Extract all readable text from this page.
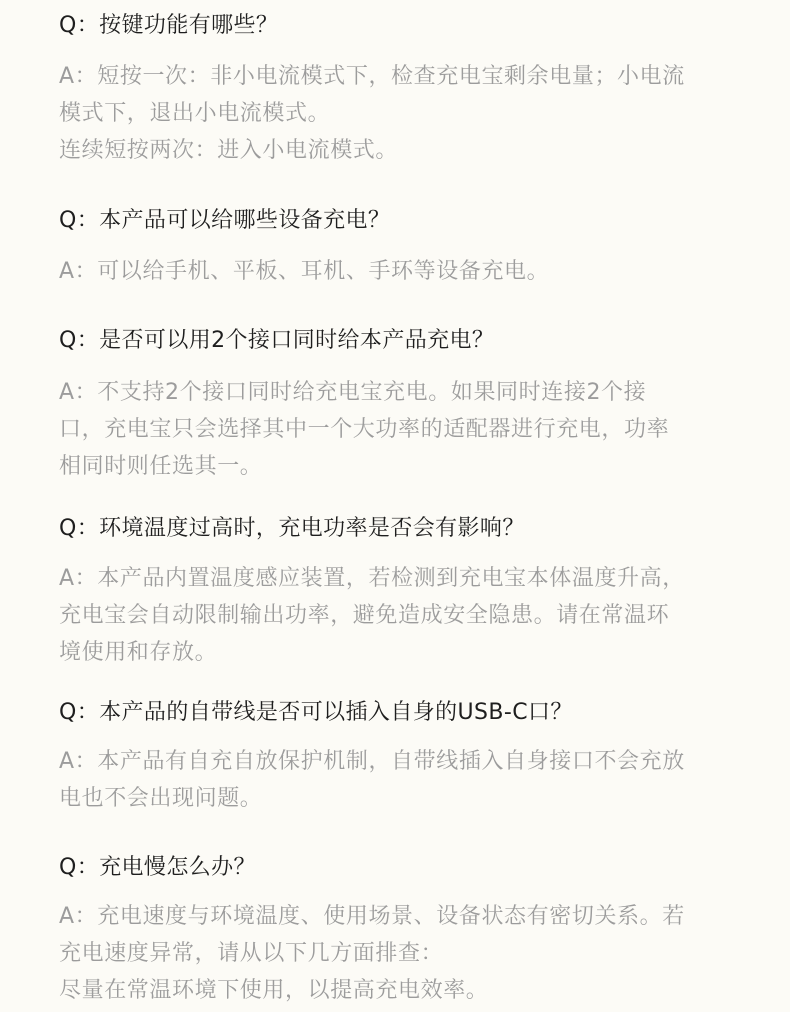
Q：按键功能有哪些？

A：短按一次：非小电流模式下，检查充电宝剩余电量；小电流

模式下，退出小电流模式。

连续短按两次：进入小电流模式。

Q：本产品可以给哪些设备充电？

A：可以给手机、平板、耳机、手环等设备充电。

Q：是否可以用2个接口同时给本产品充电？

A：不支持2个接口同时给充电宝充电。如果同时连接2个接

口，充电宝只会选择其中一个大功率的适配器进行充电，功率

相同时则任选其一。

Q：环境温度过高时，充电功率是否会有影响？

A：本产品内置温度感应装置，若检测到充电宝本体温度升高，

充电宝会自动限制输出功率，避免造成安全隐患。请在常温环

境使用和存放。

Q：本产品的自带线是否可以插入自身的USB-C口？

A：本产品有自充自放保护机制，自带线插入自身接口不会充放

电也不会出现问题。

Q：充电慢怎么办？

A：充电速度与环境温度、使用场景、设备状态有密切关系。若

充电速度异常，请从以下几方面排查：

尽量在常温环境下使用，以提高充电效率。
